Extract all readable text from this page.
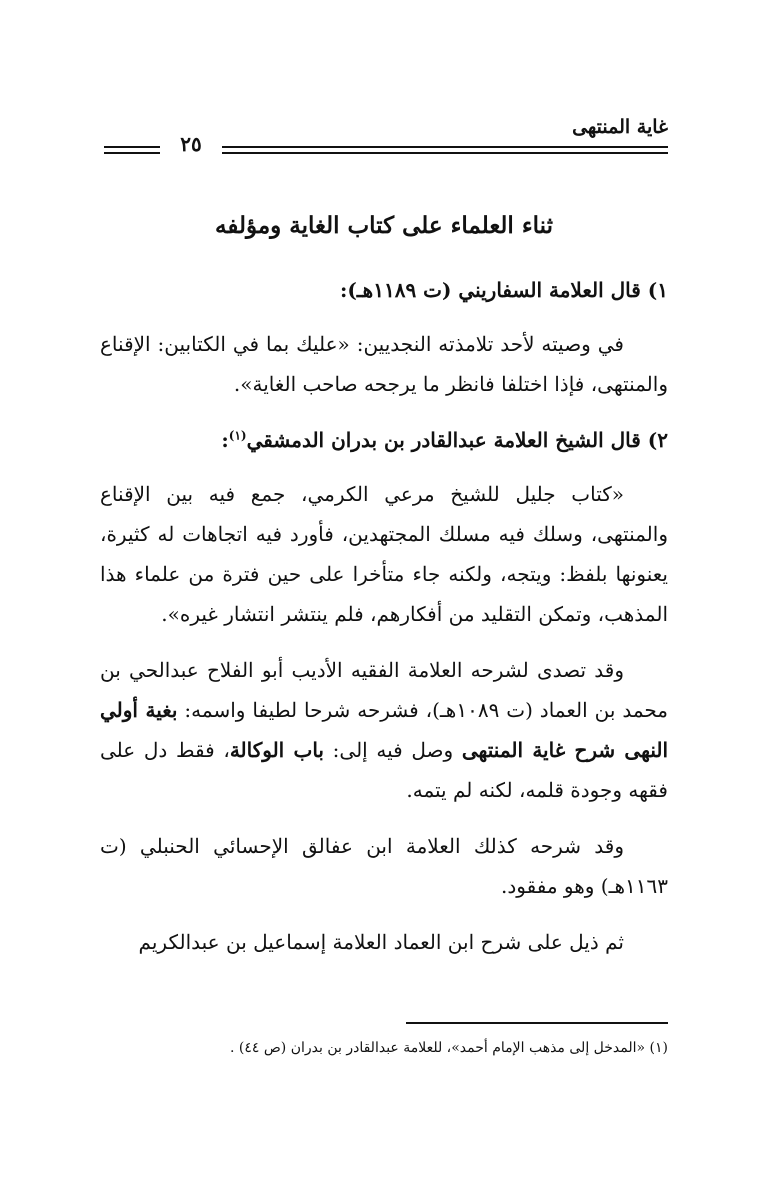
غاية المنتهى
٢٥
ثناء العلماء على كتاب الغاية ومؤلفه

١) قال العلامة السفاريني (ت ١١٨٩هـ):

في وصيته لأحد تلامذته النجديين: «عليك بما في الكتابين: الإقناع والمنتهى، فإذا اختلفا فانظر ما يرجحه صاحب الغاية».

٢) قال الشيخ العلامة عبدالقادر بن بدران الدمشقي$^{(١)}$:

«كتاب جليل للشيخ مرعي الكرمي، جمع فيه بين الإقناع والمنتهى، وسلك فيه مسلك المجتهدين، فأورد فيه اتجاهات له كثيرة، يعنونها بلفظ: ويتجه، ولكنه جاء متأخرا على حين فترة من علماء هذا المذهب، وتمكن التقليد من أفكارهم، فلم ينتشر انتشار غيره».

وقد تصدى لشرحه العلامة الفقيه الأديب أبو الفلاح عبدالحي بن محمد بن العماد (ت ١٠٨٩هـ)، فشرحه شرحا لطيفا واسمه: بغية أولي النهى شرح غاية المنتهى وصل فيه إلى: باب الوكالة، فقط دل على فقهه وجودة قلمه، لكنه لم يتمه.

وقد شرحه كذلك العلامة ابن عفالق الإحسائي الحنبلي (ت ١١٦٣هـ) وهو مفقود.

ثم ذيل على شرح ابن العماد العلامة إسماعيل بن عبدالكريم

(١) «المدخل إلى مذهب الإمام أحمد»، للعلامة عبدالقادر بن بدران (ص ٤٤) .
